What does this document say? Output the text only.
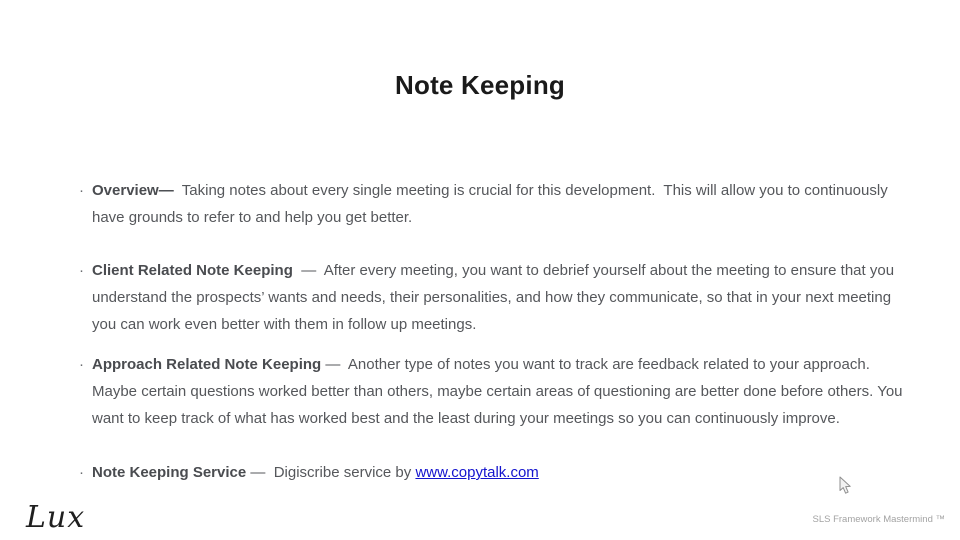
Note Keeping
· Overview—  Taking notes about every single meeting is crucial for this development.  This will allow you to continuously have grounds to refer to and help you get better.
· Client Related Note Keeping  —  After every meeting, you want to debrief yourself about the meeting to ensure that you understand the prospects’ wants and needs, their personalities, and how they communicate, so that in your next meeting you can work even better with them in follow up meetings.
· Approach Related Note Keeping —  Another type of notes you want to track are feedback related to your approach. Maybe certain questions worked better than others, maybe certain areas of questioning are better done before others. You want to keep track of what has worked best and the least during your meetings so you can continuously improve.
· Note Keeping Service —  Digiscribe service by www.copytalk.com
Lux	SLS Framework Mastermind ™
